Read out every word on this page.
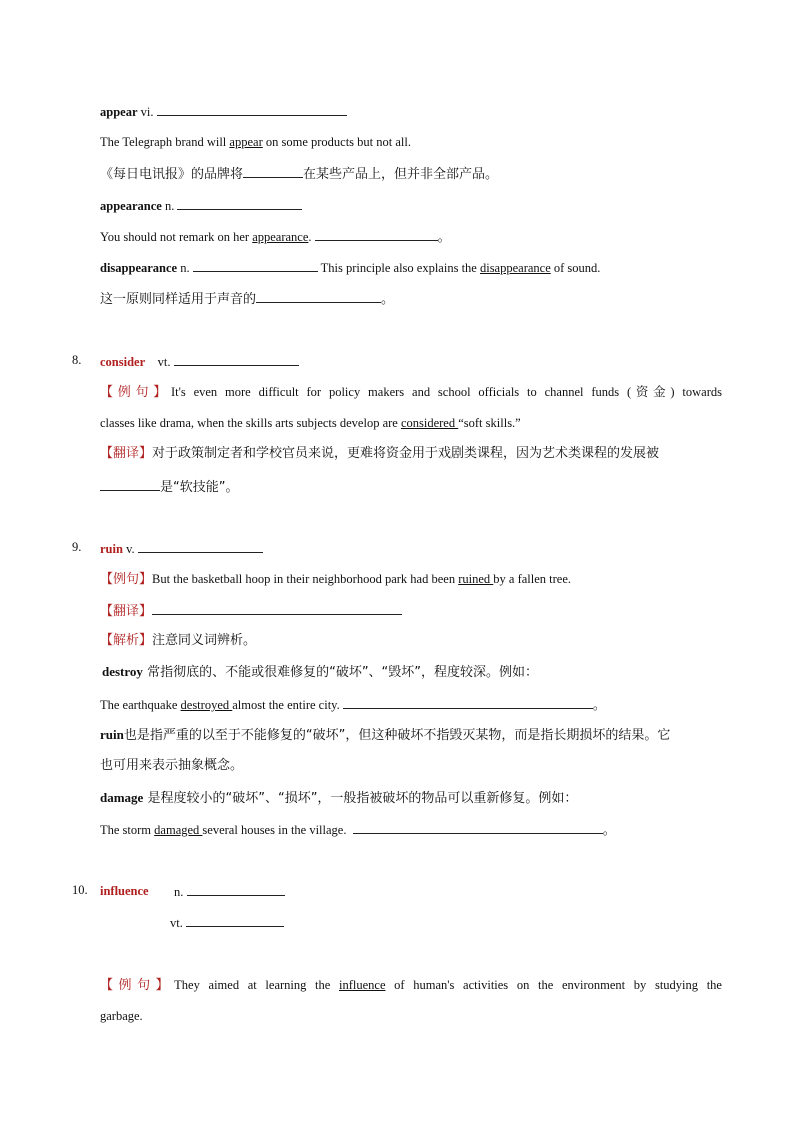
appear vi.
The Telegraph brand will appear on some products but not all.
《每日电讯报》的品牌将	在某些产品上，但并非全部产品。
appearance n.
You should not remark on her appearance.	。
disappearance n.	This principle also explains the disappearance of sound.
这一原则同样适用于声音的	。
8. consider vt.
【例句】It's even more difficult for policy makers and school officials to channel funds (资金) towards
classes like drama, when the skills arts subjects develop are considered “soft skills.”
【翻译】对于政策制定者和学校官员来说，更难将资金用于戏剧类课程，因为艺术类课程的发展被
是“软技能”。
9. ruin v.
【例句】But the basketball hoop in their neighborhood park had been ruined by a fallen tree.
【翻译】
【解析】注意同义词辨析。
destroy 常指彻底的、不能或很难修复的“破坏”、“毁坏”，程度较深。例如：
The earthquake destroyed almost the entire city.	。
ruin也是指严重的以至于不能修复的“破坏”，但这种破坏不指毁灭某物，而是指长期损坏的结果。它
也可用来表示抽象概念。
damage 是程度较小的“破坏”、“损坏”，一般指被破坏的物品可以重新修复。例如：
The storm damaged several houses in the village.	。
10. influence n.
vt.
【例句】They aimed at learning the influence of human's activities on the environment by studying the
garbage.
